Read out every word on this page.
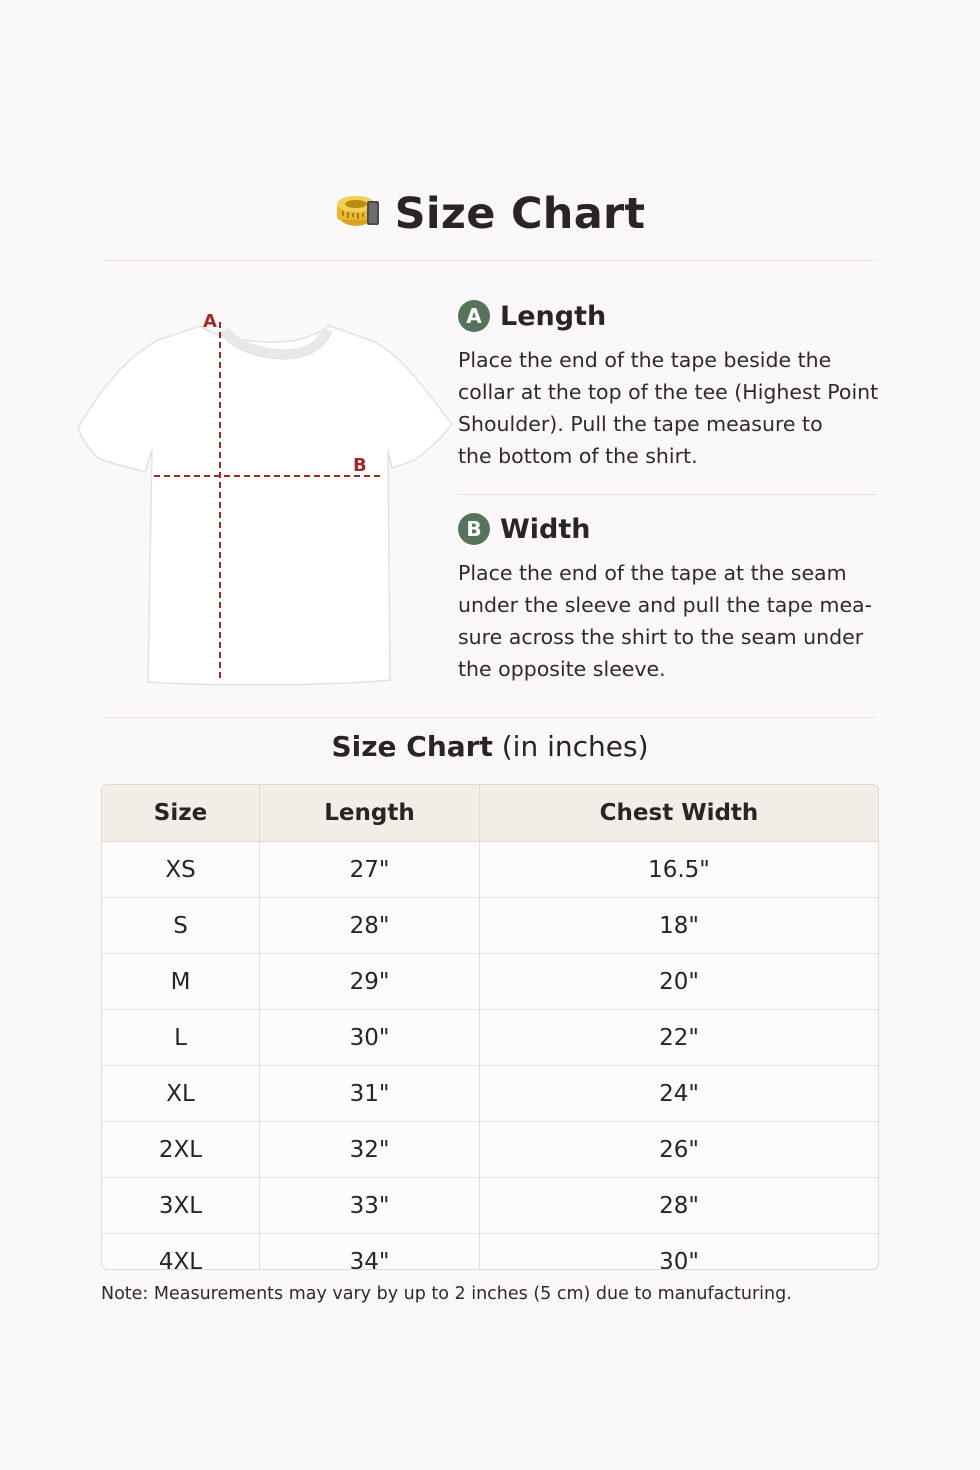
Size Chart
A
B
A Length
Place the end of the tape beside the
collar at the top of the tee (Highest Point
Shoulder). Pull the tape measure to
the bottom of the shirt.
B Width
Place the end of the tape at the seam
under the sleeve and pull the tape mea-
sure across the shirt to the seam under
the opposite sleeve.
Size Chart (in inches)
Size	Length	Chest Width
XS	27"	16.5"
S	28"	18"
M	29"	20"
L	30"	22"
XL	31"	24"
2XL	32"	26"
3XL	33"	28"
4XL	34"	30"
Note: Measurements may vary by up to 2 inches (5 cm) due to manufacturing.
